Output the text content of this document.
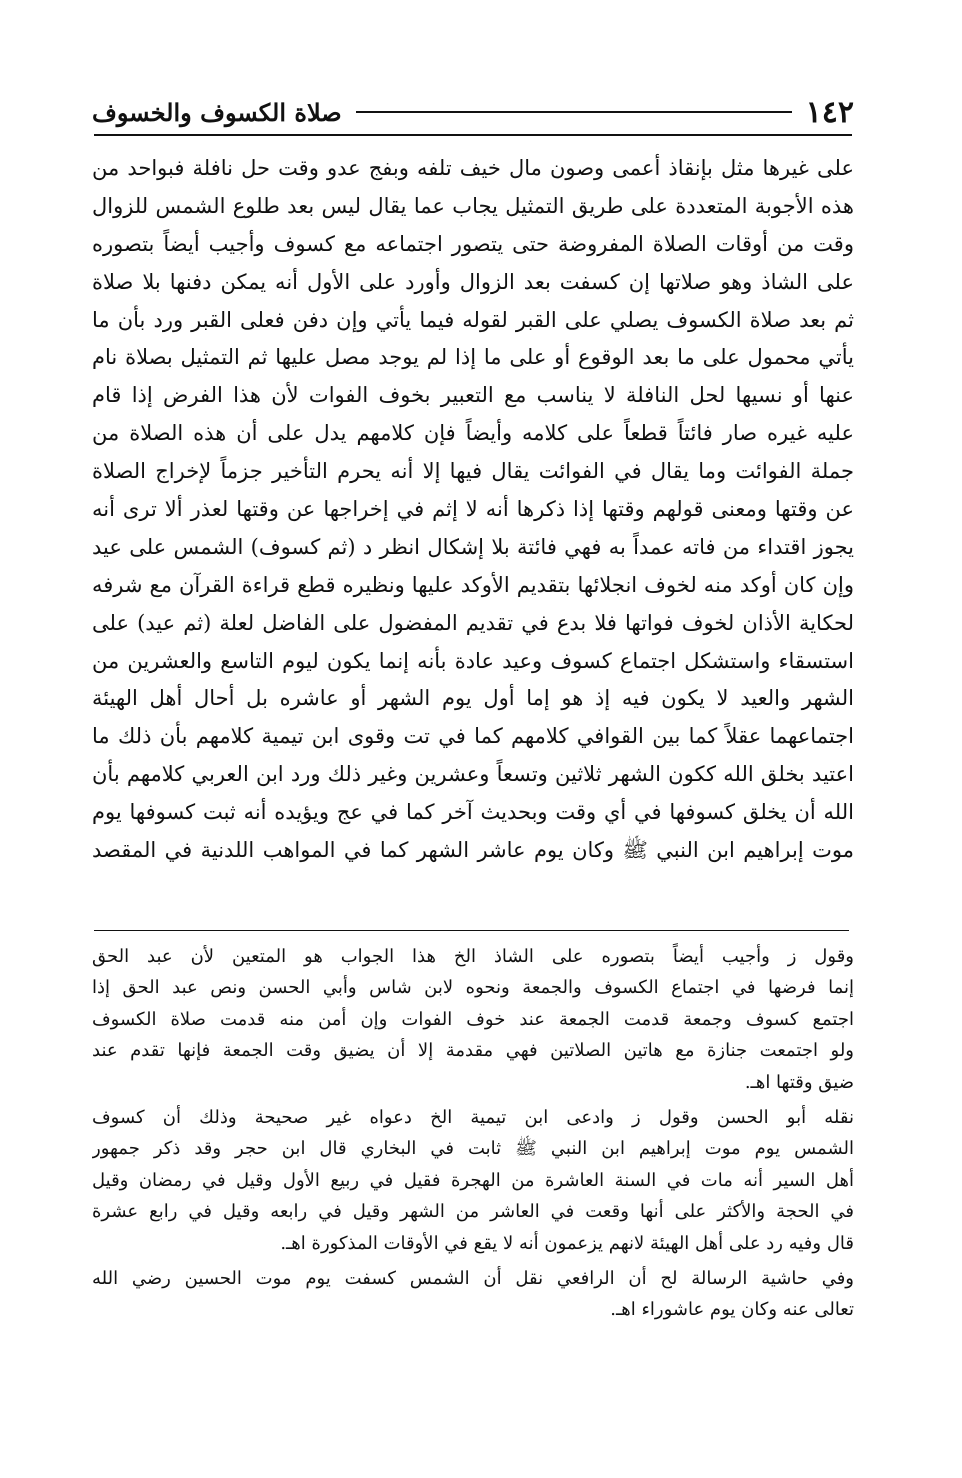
١٤٢
صلاة الكسوف والخسوف
على غيرها مثل بإنقاذ أعمى وصون مال خيف تلفه وبفج عدو وقت حل نافلة فبواحد من
هذه الأجوبة المتعددة على طريق التمثيل يجاب عما يقال ليس بعد طلوع الشمس للزوال
وقت من أوقات الصلاة المفروضة حتى يتصور اجتماعه مع كسوف وأجيب أيضاً بتصوره
على الشاذ وهو صلاتها إن كسفت بعد الزوال وأورد على الأول أنه يمكن دفنها بلا صلاة
ثم بعد صلاة الكسوف يصلي على القبر لقوله فيما يأتي وإن دفن فعلى القبر ورد بأن ما
يأتي محمول على ما بعد الوقوع أو على ما إذا لم يوجد مصل عليها ثم التمثيل بصلاة نام
عنها أو نسيها لحل النافلة لا يناسب مع التعبير بخوف الفوات لأن هذا الفرض إذا قام
عليه غيره صار فائتاً قطعاً على كلامه وأيضاً فإن كلامهم يدل على أن هذه الصلاة من
جملة الفوائت وما يقال في الفوائت يقال فيها إلا أنه يحرم التأخير جزماً لإخراج الصلاة
عن وقتها ومعنى قولهم وقتها إذا ذكرها أنه لا إثم في إخراجها عن وقتها لعذر ألا ترى أنه
يجوز اقتداء من فاته عمداً به فهي فائتة بلا إشكال انظر د (ثم كسوف) الشمس على عيد
وإن كان أوكد منه لخوف انجلائها بتقديم الأوكد عليها ونظيره قطع قراءة القرآن مع شرفه
لحكاية الأذان لخوف فواتها فلا بدع في تقديم المفضول على الفاضل لعلة (ثم عيد) على
استسقاء واستشكل اجتماع كسوف وعيد عادة بأنه إنما يكون ليوم التاسع والعشرين من
الشهر والعيد لا يكون فيه إذ هو إما أول يوم الشهر أو عاشره بل أحال أهل الهيئة
اجتماعهما عقلاً كما بين القوافي كلامهم كما في تت وقوى ابن تيمية كلامهم بأن ذلك ما
اعتيد بخلق الله ككون الشهر ثلاثين وتسعاً وعشرين وغير ذلك ورد ابن العربي كلامهم بأن
الله أن يخلق كسوفها في أي وقت وبحديث آخر كما في عج ويؤيده أنه ثبت كسوفها يوم
موت إبراهيم ابن النبي ﷺ وكان يوم عاشر الشهر كما في المواهب اللدنية في المقصد
وقول ز وأجيب أيضاً بتصوره على الشاذ الخ هذا الجواب هو المتعين لأن عبد الحق
إنما فرضها في اجتماع الكسوف والجمعة ونحوه لابن شاس وأبي الحسن ونص عبد الحق إذا
اجتمع كسوف وجمعة قدمت الجمعة عند خوف الفوات وإن أمن منه قدمت صلاة الكسوف
ولو اجتمعت جنازة مع هاتين الصلاتين فهي مقدمة إلا أن يضيق وقت الجمعة فإنها تقدم عند
ضيق وقتها اهـ.
نقله أبو الحسن وقول ز وادعى ابن تيمية الخ دعواه غير صحيحة وذلك أن كسوف
الشمس يوم موت إبراهيم ابن النبي ﷺ ثابت في البخاري قال ابن حجر وقد ذكر جمهور
أهل السير أنه مات في السنة العاشرة من الهجرة فقيل في ربيع الأول وقيل في رمضان وقيل
في الحجة والأكثر على أنها وقعت في العاشر من الشهر وقيل في رابعه وقيل في رابع عشرة
قال وفيه رد على أهل الهيئة لانهم يزعمون أنه لا يقع في الأوقات المذكورة اهـ.
وفي حاشية الرسالة لح أن الرافعي نقل أن الشمس كسفت يوم موت الحسين رضي الله
تعالى عنه وكان يوم عاشوراء اهـ.
